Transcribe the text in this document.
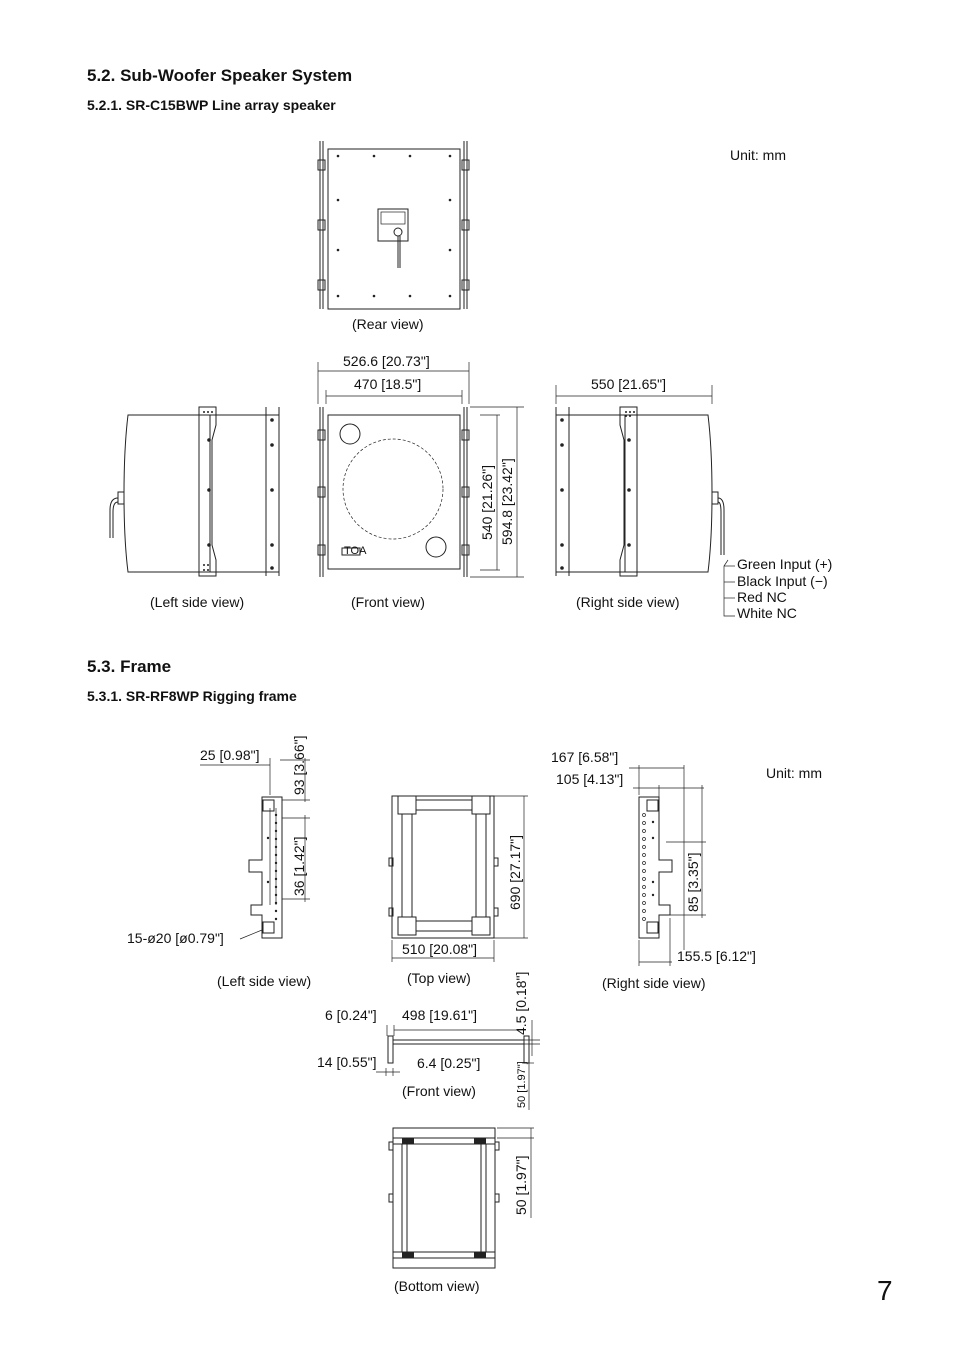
5.2. Sub-Woofer Speaker System
5.2.1. SR-C15BWP Line array speaker
Unit: mm
5.3. Frame
5.3.1. SR-RF8WP Rigging frame
Unit: mm
TOA
540 [21.26"] 594.8 [23.42"]
93 [3.66"]
36 [1.42"]	690 [27.17"]	85 [3.35"]
4.5 [0.18"]
50 [1.97"]
50 [1.97"]
(Rear view)
526.6 [20.73"]
470 [18.5"]	550 [21.65"]
Green Input (+)
Black Input (−)
Red NC
White NC
(Left side view)	(Front view)	(Right side view)
25 [0.98"]
15-ø20 [ø0.79"]
(Left side view)
510 [20.08"]
(Top view)
167 [6.58"]
105 [4.13"]
155.5 [6.12"]
(Right side view)
6 [0.24"] 498 [19.61"]
14 [0.55"]	6.4 [0.25"]
(Front view)
(Bottom view)	7
